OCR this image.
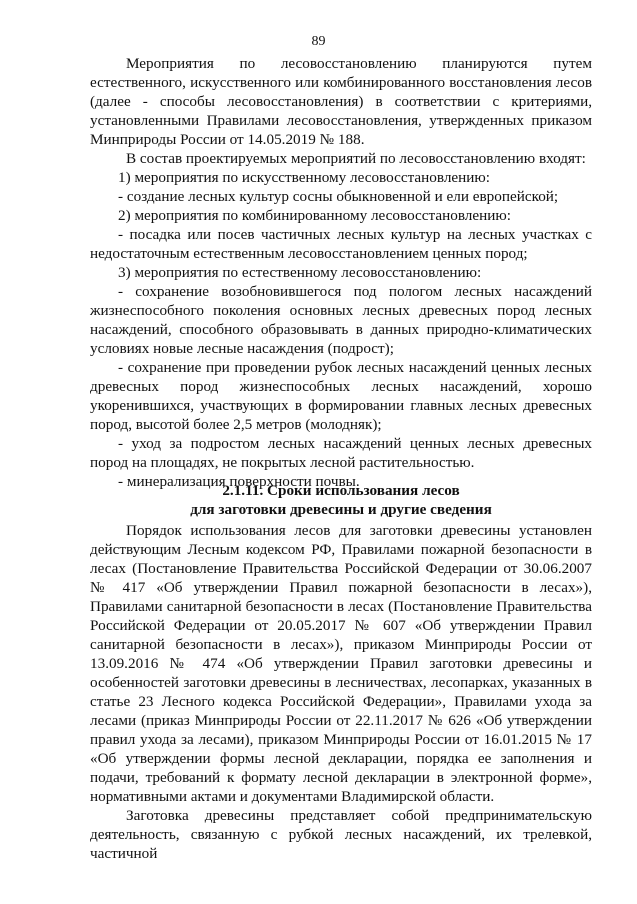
89

Мероприятия по лесовосстановлению планируются путем естественного, искусственного или комбинированного восстановления лесов (далее - способы лесовосстановления) в соответствии с критериями, установленными Правилами лесовосстановления, утвержденных приказом Минприроды России от 14.05.2019 № 188.

В состав проектируемых мероприятий по лесовосстановлению входят:

1) мероприятия по искусственному лесовосстановлению:

- создание лесных культур сосны обыкновенной и ели европейской;

2) мероприятия по комбинированному лесовосстановлению:

- посадка или посев частичных лесных культур на лесных участках с недостаточным естественным лесовосстановлением ценных пород;

3) мероприятия по естественному лесовосстановлению:

- сохранение возобновившегося под пологом лесных насаждений жизнеспособного поколения основных лесных древесных пород лесных насаждений, способного образовывать в данных природно-климатических условиях новые лесные насаждения (подрост);

- сохранение при проведении рубок лесных насаждений ценных лесных древесных пород жизнеспособных лесных насаждений, хорошо укоренившихся, участвующих в формировании главных лесных древесных пород, высотой более 2,5 метров (молодняк);

- уход за подростом лесных насаждений ценных лесных древесных пород на площадях, не покрытых лесной растительностью.

- минерализация поверхности почвы.

2.1.11. Сроки использования лесов
для заготовки древесины и другие сведения

Порядок использования лесов для заготовки древесины установлен действующим Лесным кодексом РФ, Правилами пожарной безопасности в лесах (Постановление Правительства Российской Федерации от 30.06.2007 № 417 «Об утверждении Правил пожарной безопасности в лесах»), Правилами санитарной безопасности в лесах (Постановление Правительства Российской Федерации от 20.05.2017 № 607 «Об утверждении Правил санитарной безопасности в лесах»), приказом Минприроды России от 13.09.2016 № 474 «Об утверждении Правил заготовки древесины и особенностей заготовки древесины в лесничествах, лесопарках, указанных в статье 23 Лесного кодекса Российской Федерации», Правилами ухода за лесами (приказ Минприроды России от 22.11.2017 № 626 «Об утверждении правил ухода за лесами), приказом Минприроды России от 16.01.2015 № 17 «Об утверждении формы лесной декларации, порядка ее заполнения и подачи, требований к формату лесной декларации в электронной форме», нормативными актами и документами Владимирской области.

Заготовка древесины представляет собой предпринимательскую деятельность, связанную с рубкой лесных насаждений, их трелевкой, частичной
